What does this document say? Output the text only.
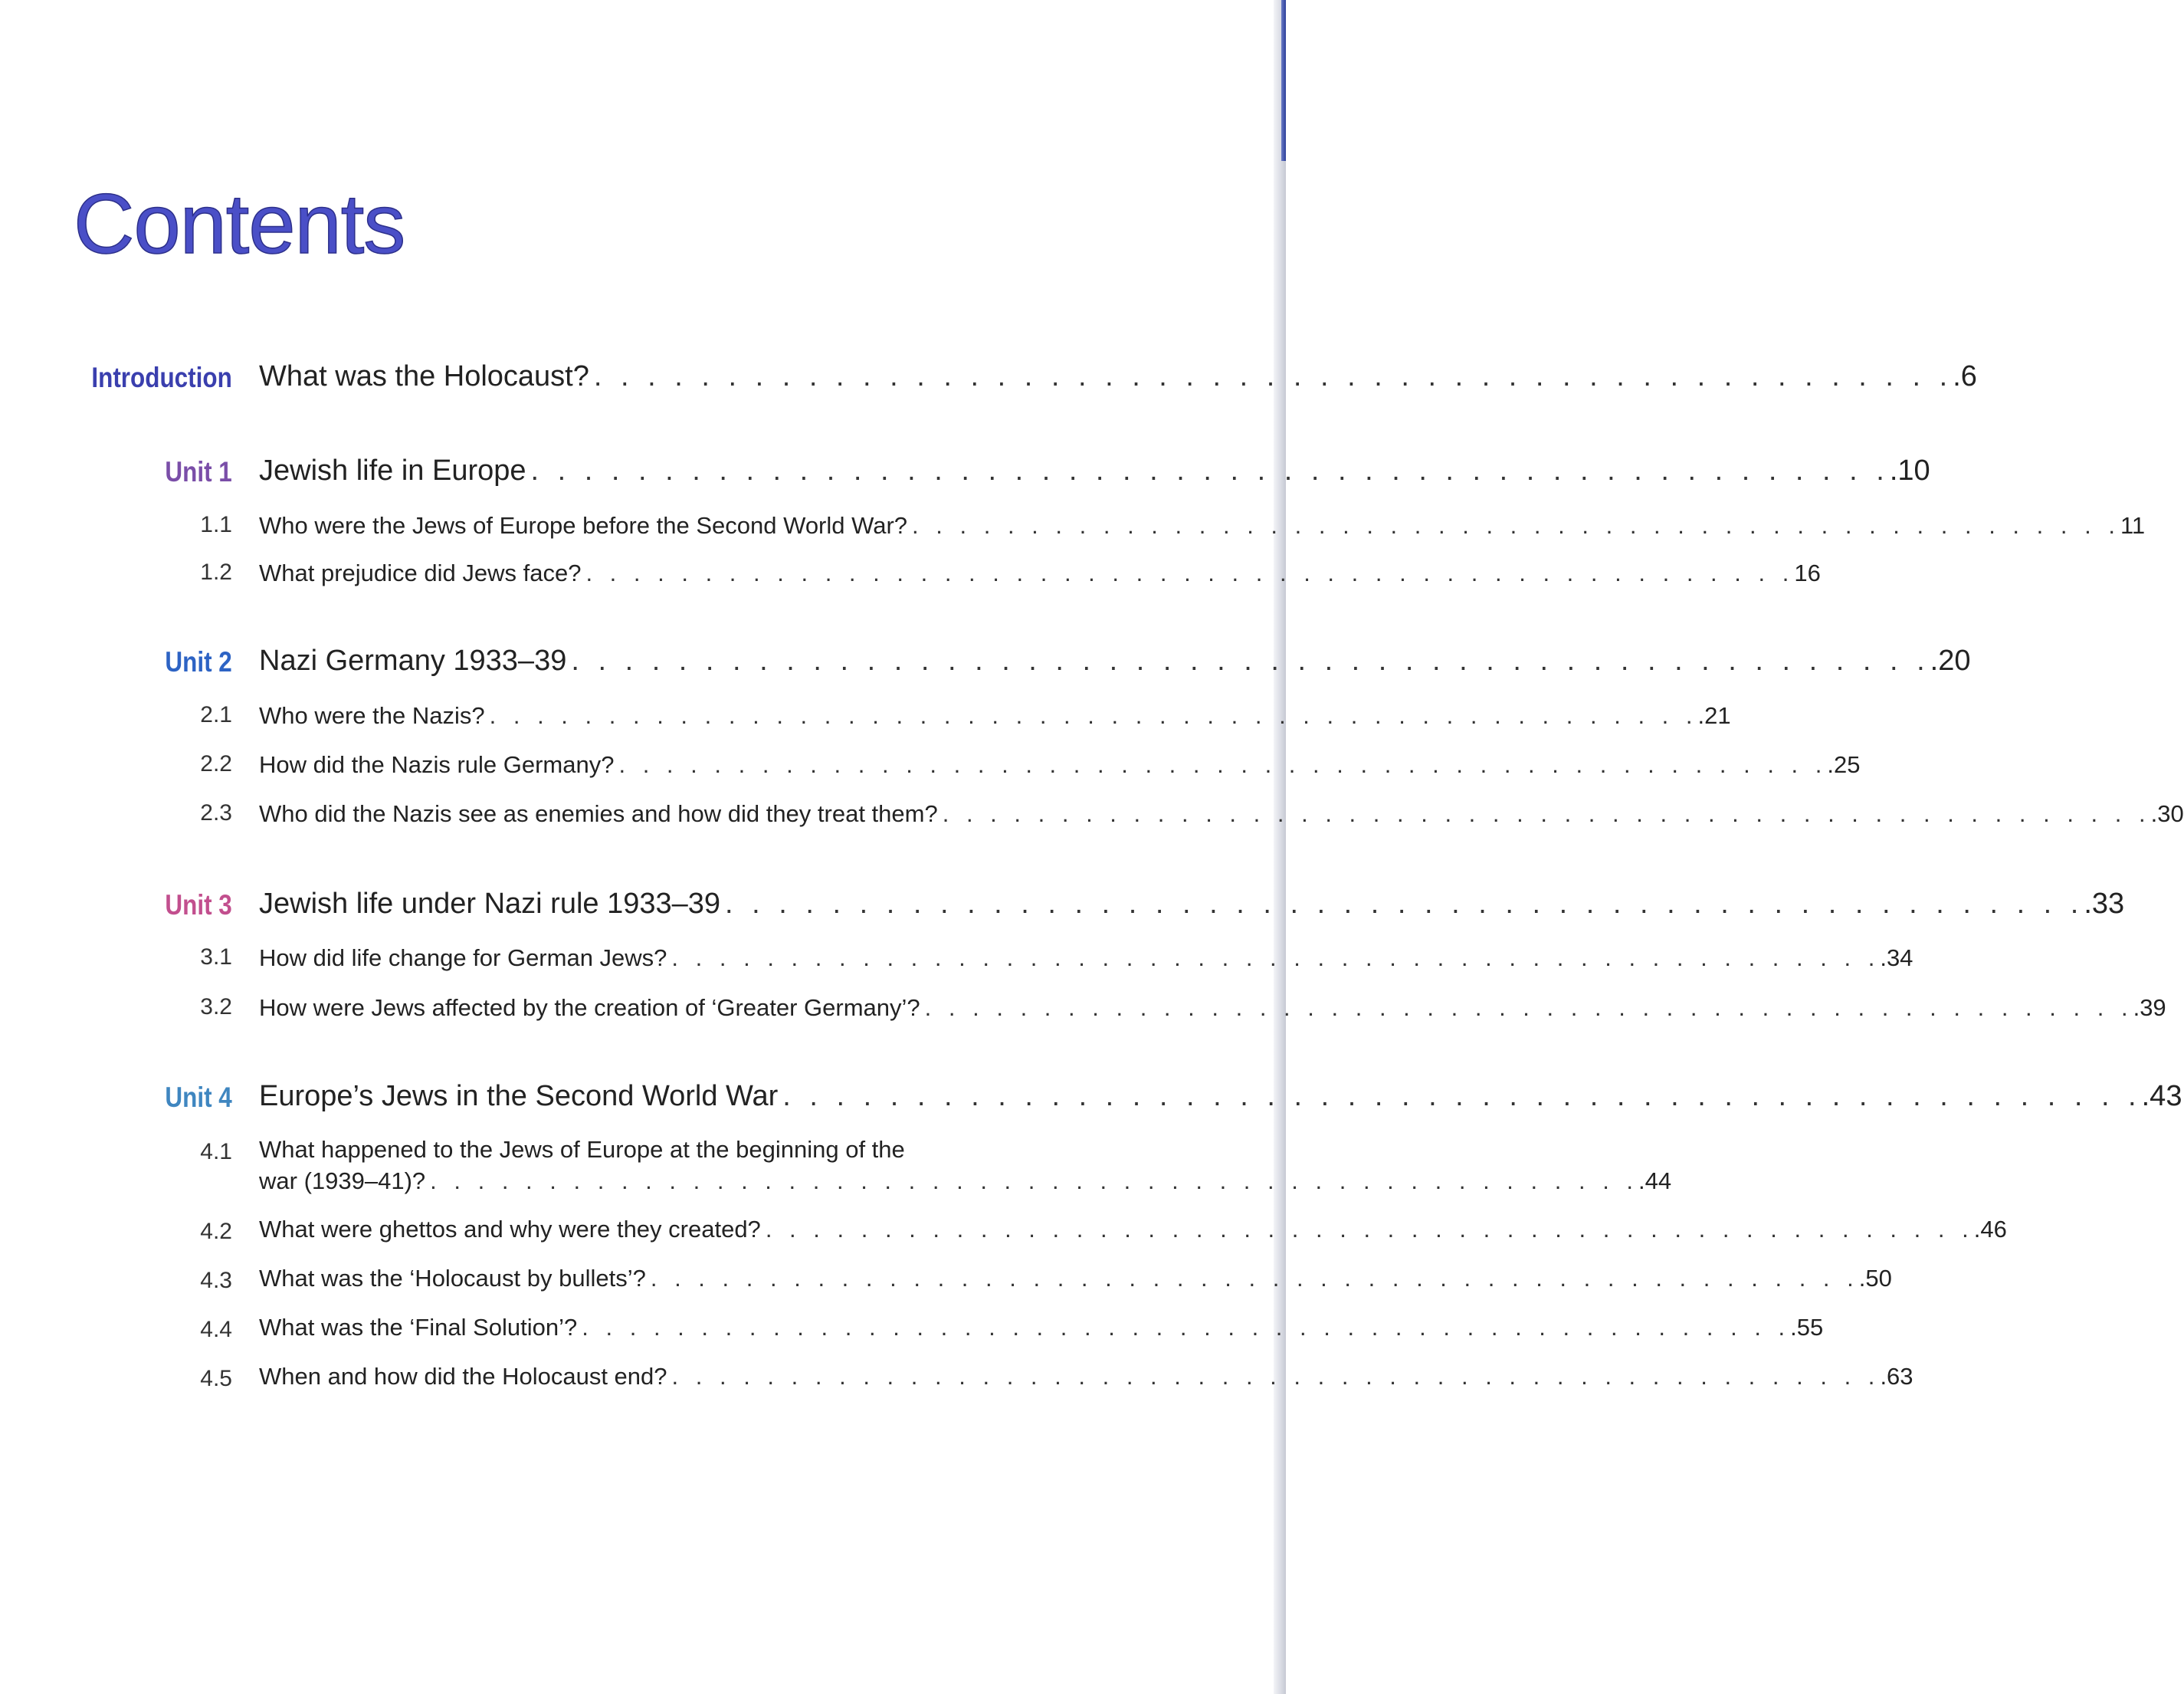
Contents
Introduction What was the Holocaust? . . . . . . . . . . . . . . . . . . . . . . . . . . . . . . . . . . . . . . . . . . . . . . . . . . . .6
Unit 1 Jewish life in Europe . . . . . . . . . . . . . . . . . . . . . . . . . . . . . . . . . . . . . . . . . . . . . . . . . . . .10
1.1 Who were the Jews of Europe before the Second World War? . . . . . . . . . . . . . . . . . . . . . . . . . . . . . . . . . . . . . . . . . . . . . . . . . . . 11
1.2 What prejudice did Jews face? . . . . . . . . . . . . . . . . . . . . . . . . . . . . . . . . . . . . . . . . . . . . . . . . . . . 16
Unit 2 Nazi Germany 1933–39 . . . . . . . . . . . . . . . . . . . . . . . . . . . . . . . . . . . . . . . . . . . . . . . . . . . .20
2.1 Who were the Nazis? . . . . . . . . . . . . . . . . . . . . . . . . . . . . . . . . . . . . . . . . . . . . . . . . . . . .21
2.2 How did the Nazis rule Germany? . . . . . . . . . . . . . . . . . . . . . . . . . . . . . . . . . . . . . . . . . . . . . . . . . . . .25
2.3 Who did the Nazis see as enemies and how did they treat them? . . . . . . . . . . . . . . . . . . . . . . . . . . . . . . . . . . . . . . . . . . . . . . . . . . . .30
Unit 3 Jewish life under Nazi rule 1933–39 . . . . . . . . . . . . . . . . . . . . . . . . . . . . . . . . . . . . . . . . . . . . . . . . . . . .33
3.1 How did life change for German Jews? . . . . . . . . . . . . . . . . . . . . . . . . . . . . . . . . . . . . . . . . . . . . . . . . . . . .34
3.2 How were Jews affected by the creation of ‘Greater Germany’? . . . . . . . . . . . . . . . . . . . . . . . . . . . . . . . . . . . . . . . . . . . . . . . . . . . .39
Unit 4 Europe’s Jews in the Second World War . . . . . . . . . . . . . . . . . . . . . . . . . . . . . . . . . . . . . . . . . . . . . . . . . . . .43
4.1 What happened to the Jews of Europe at the beginning of the
war (1939–41)? . . . . . . . . . . . . . . . . . . . . . . . . . . . . . . . . . . . . . . . . . . . . . . . . . . . .44
4.2 What were ghettos and why were they created? . . . . . . . . . . . . . . . . . . . . . . . . . . . . . . . . . . . . . . . . . . . . . . . . . . . .46
4.3 What was the ‘Holocaust by bullets’? . . . . . . . . . . . . . . . . . . . . . . . . . . . . . . . . . . . . . . . . . . . . . . . . . . . .50
4.4 What was the ‘Final Solution’? . . . . . . . . . . . . . . . . . . . . . . . . . . . . . . . . . . . . . . . . . . . . . . . . . . . .55
4.5 When and how did the Holocaust end? . . . . . . . . . . . . . . . . . . . . . . . . . . . . . . . . . . . . . . . . . . . . . . . . . . . .63
